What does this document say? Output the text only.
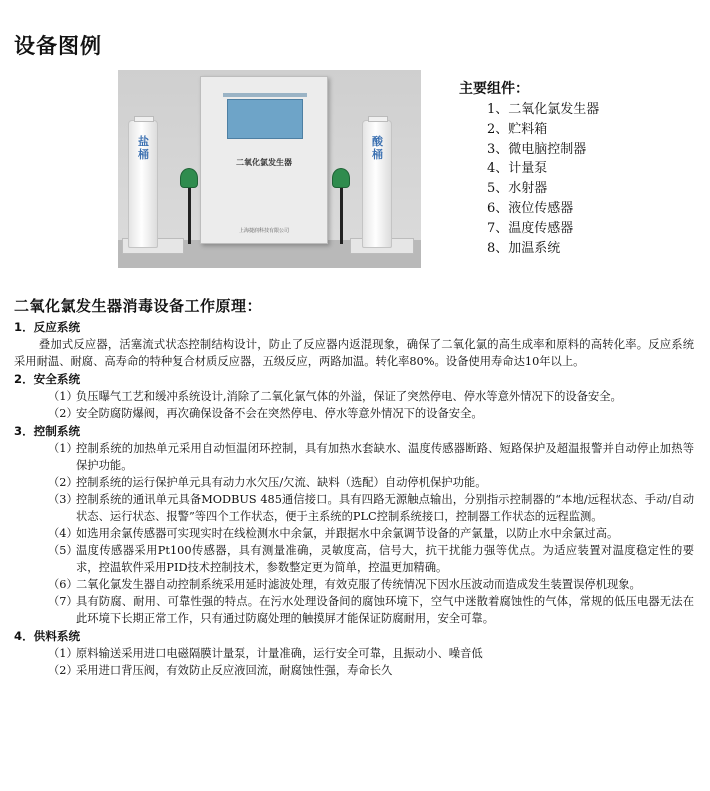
设备图例
盐桶
二氧化氯发生器
上海捷润科技有限公司
酸桶
主要组件：
1、二氧化氯发生器
2、贮料箱
3、微电脑控制器
4、计量泵
5、水射器
6、液位传感器
7、温度传感器
8、加温系统
二氧化氯发生器消毒设备工作原理：
1．反应系统
叠加式反应器，活塞流式状态控制结构设计，防止了反应器内返混现象，确保了二氧化氯的高生成率和原料的高转化率。反应系统采用耐温、耐腐、高寿命的特种复合材质反应器，五级反应，两路加温。转化率80%。设备使用寿命达10年以上。
2．安全系统
（1）
负压曝气工艺和缓冲系统设计,消除了二氧化氯气体的外溢，保证了突然停电、停水等意外情况下的设备安全。
（2）
安全防腐防爆阀，再次确保设备不会在突然停电、停水等意外情况下的设备安全。
3．控制系统
（1）
控制系统的加热单元采用自动恒温闭环控制，具有加热水套缺水、温度传感器断路、短路保护及超温报警并自动停止加热等保护功能。
（2）
控制系统的运行保护单元具有动力水欠压/欠流、缺料（选配）自动停机保护功能。
（3）
控制系统的通讯单元具备MODBUS 485通信接口。具有四路无源触点输出，分别指示控制器的“本地/远程状态、手动/自动状态、运行状态、报警”等四个工作状态，便于主系统的PLC控制系统接口，控制器工作状态的远程监测。
（4）
如选用余氯传感器可实现实时在线检测水中余氯，并跟据水中余氯调节设备的产氯量，以防止水中余氯过高。
（5）
温度传感器采用Pt100传感器，具有测量准确，灵敏度高，信号大，抗干扰能力强等优点。为适应装置对温度稳定性的要求，控温软件采用PID技术控制技术，参数整定更为简单，控温更加精确。
（6）
二氧化氯发生器自动控制系统采用延时滤波处理，有效克服了传统情况下因水压波动而造成发生装置误停机现象。
（7）
具有防腐、耐用、可靠性强的特点。在污水处理设备间的腐蚀环境下，空气中迷散着腐蚀性的气体，常规的低压电器无法在此环境下长期正常工作，只有通过防腐处理的触摸屏才能保证防腐耐用，安全可靠。
4．供料系统
（1）
原料输送采用进口电磁隔膜计量泵，计量准确，运行安全可靠，且振动小、噪音低
（2）
采用进口背压阀，有效防止反应液回流，耐腐蚀性强，寿命长久
